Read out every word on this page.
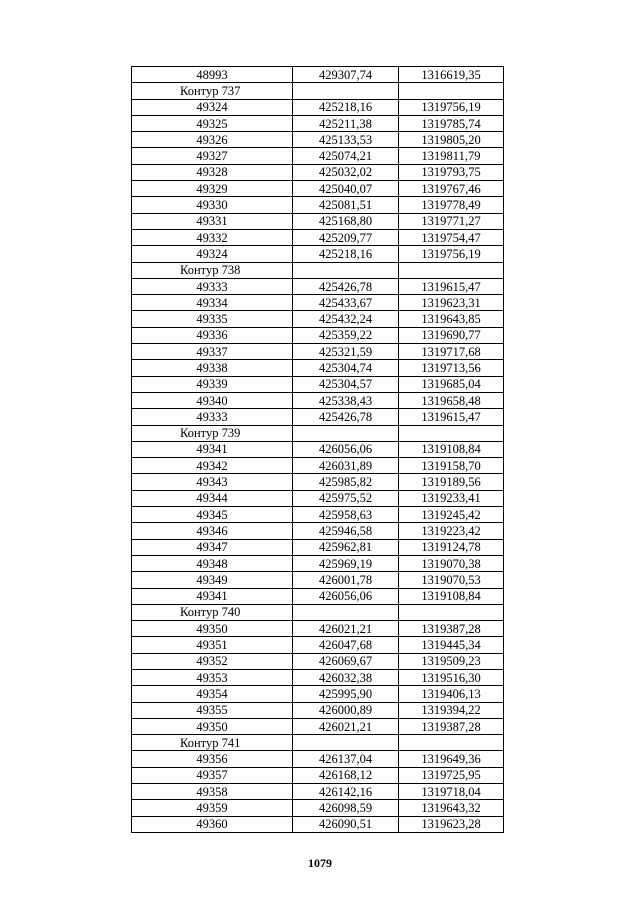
48993	429307,74	1316619,35
Контур 737		
49324	425218,16	1319756,19
49325	425211,38	1319785,74
49326	425133,53	1319805,20
49327	425074,21	1319811,79
49328	425032,02	1319793,75
49329	425040,07	1319767,46
49330	425081,51	1319778,49
49331	425168,80	1319771,27
49332	425209,77	1319754,47
49324	425218,16	1319756,19
Контур 738		
49333	425426,78	1319615,47
49334	425433,67	1319623,31
49335	425432,24	1319643,85
49336	425359,22	1319690,77
49337	425321,59	1319717,68
49338	425304,74	1319713,56
49339	425304,57	1319685,04
49340	425338,43	1319658,48
49333	425426,78	1319615,47
Контур 739		
49341	426056,06	1319108,84
49342	426031,89	1319158,70
49343	425985,82	1319189,56
49344	425975,52	1319233,41
49345	425958,63	1319245,42
49346	425946,58	1319223,42
49347	425962,81	1319124,78
49348	425969,19	1319070,38
49349	426001,78	1319070,53
49341	426056,06	1319108,84
Контур 740		
49350	426021,21	1319387,28
49351	426047,68	1319445,34
49352	426069,67	1319509,23
49353	426032,38	1319516,30
49354	425995,90	1319406,13
49355	426000,89	1319394,22
49350	426021,21	1319387,28
Контур 741		
49356	426137,04	1319649,36
49357	426168,12	1319725,95
49358	426142,16	1319718,04
49359	426098,59	1319643,32
49360	426090,51	1319623,28
1079
